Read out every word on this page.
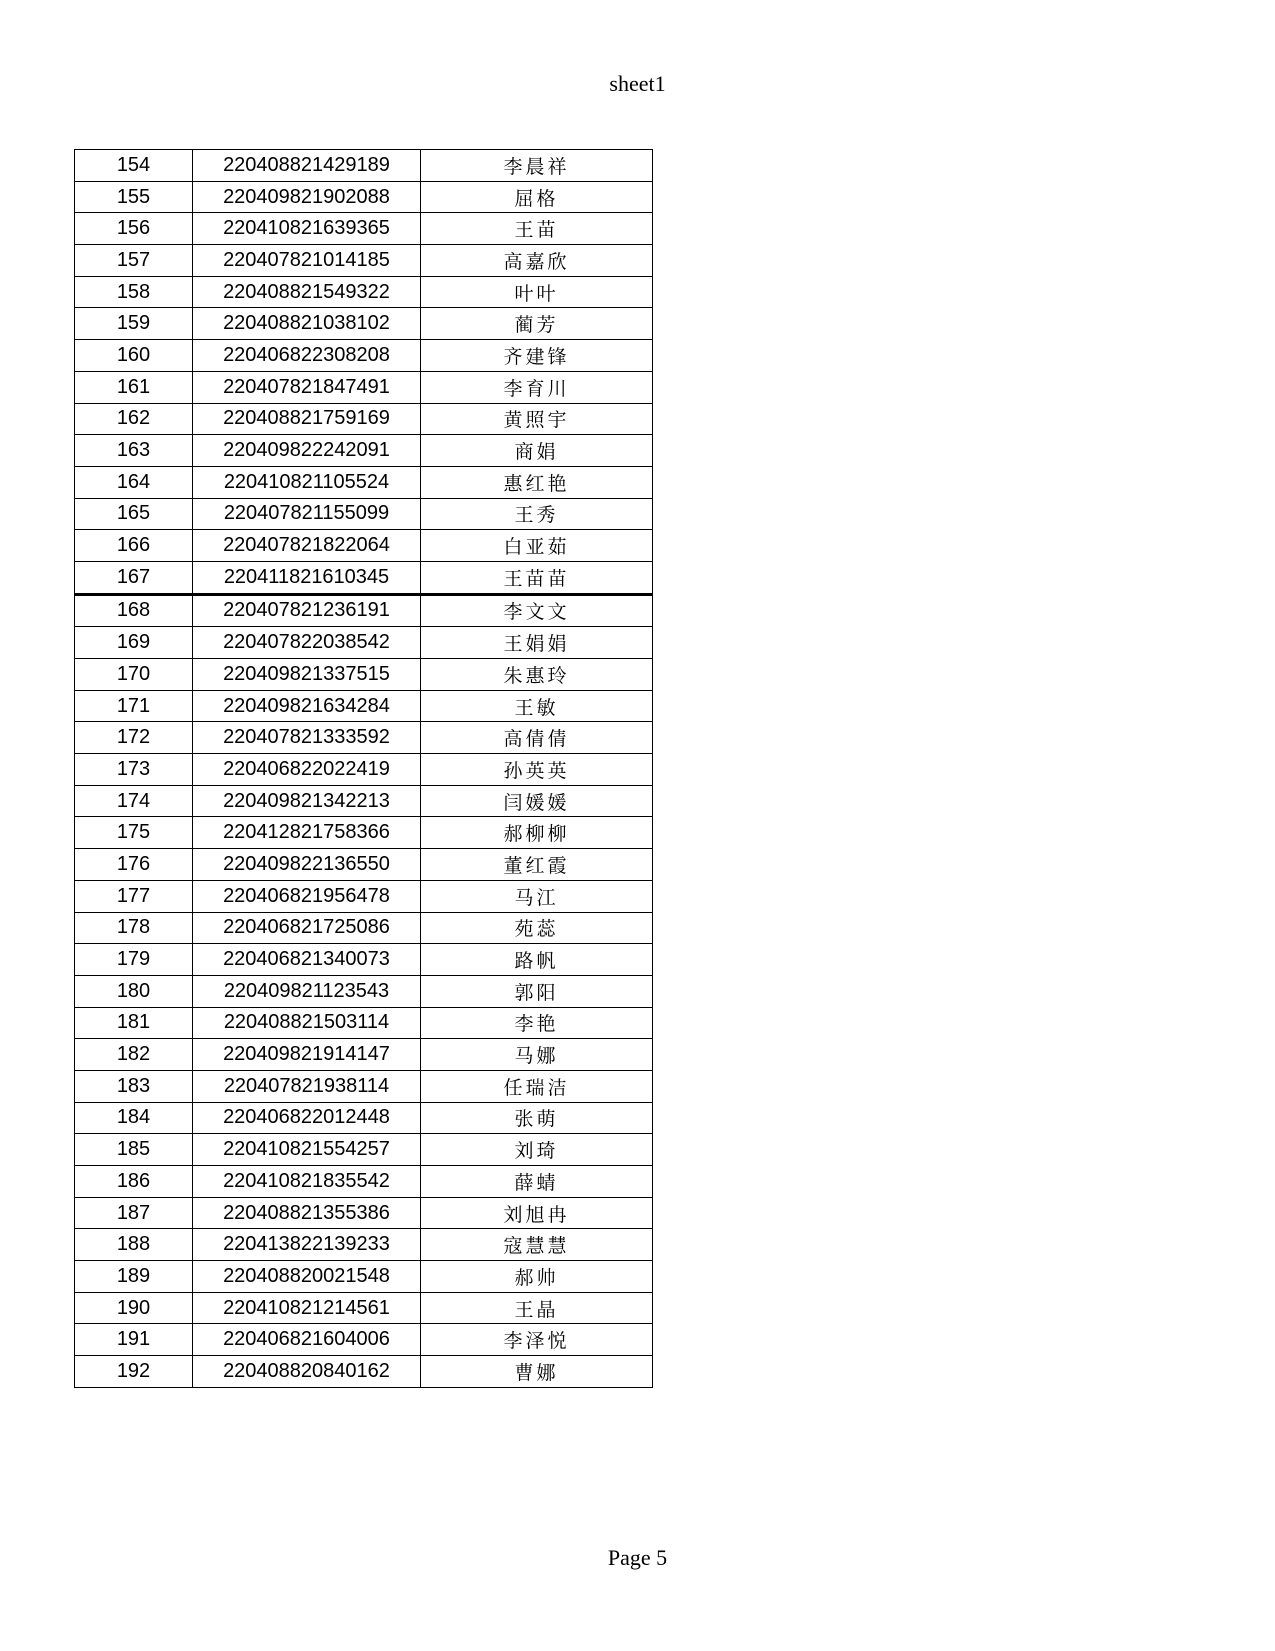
sheet1
154	220408821429189	李晨祥
155	220409821902088	屈格
156	220410821639365	王苗
157	220407821014185	高嘉欣
158	220408821549322	叶叶
159	220408821038102	蔺芳
160	220406822308208	齐建锋
161	220407821847491	李育川
162	220408821759169	黄照宇
163	220409822242091	商娟
164	220410821105524	惠红艳
165	220407821155099	王秀
166	220407821822064	白亚茹
167	220411821610345	王苗苗
168	220407821236191	李文文
169	220407822038542	王娟娟
170	220409821337515	朱惠玲
171	220409821634284	王敏
172	220407821333592	高倩倩
173	220406822022419	孙英英
174	220409821342213	闫媛媛
175	220412821758366	郝柳柳
176	220409822136550	董红霞
177	220406821956478	马江
178	220406821725086	苑蕊
179	220406821340073	路帆
180	220409821123543	郭阳
181	220408821503114	李艳
182	220409821914147	马娜
183	220407821938114	任瑞洁
184	220406822012448	张萌
185	220410821554257	刘琦
186	220410821835542	薛蜻
187	220408821355386	刘旭冉
188	220413822139233	寇慧慧
189	220408820021548	郝帅
190	220410821214561	王晶
191	220406821604006	李泽悦
192	220408820840162	曹娜
Page 5
